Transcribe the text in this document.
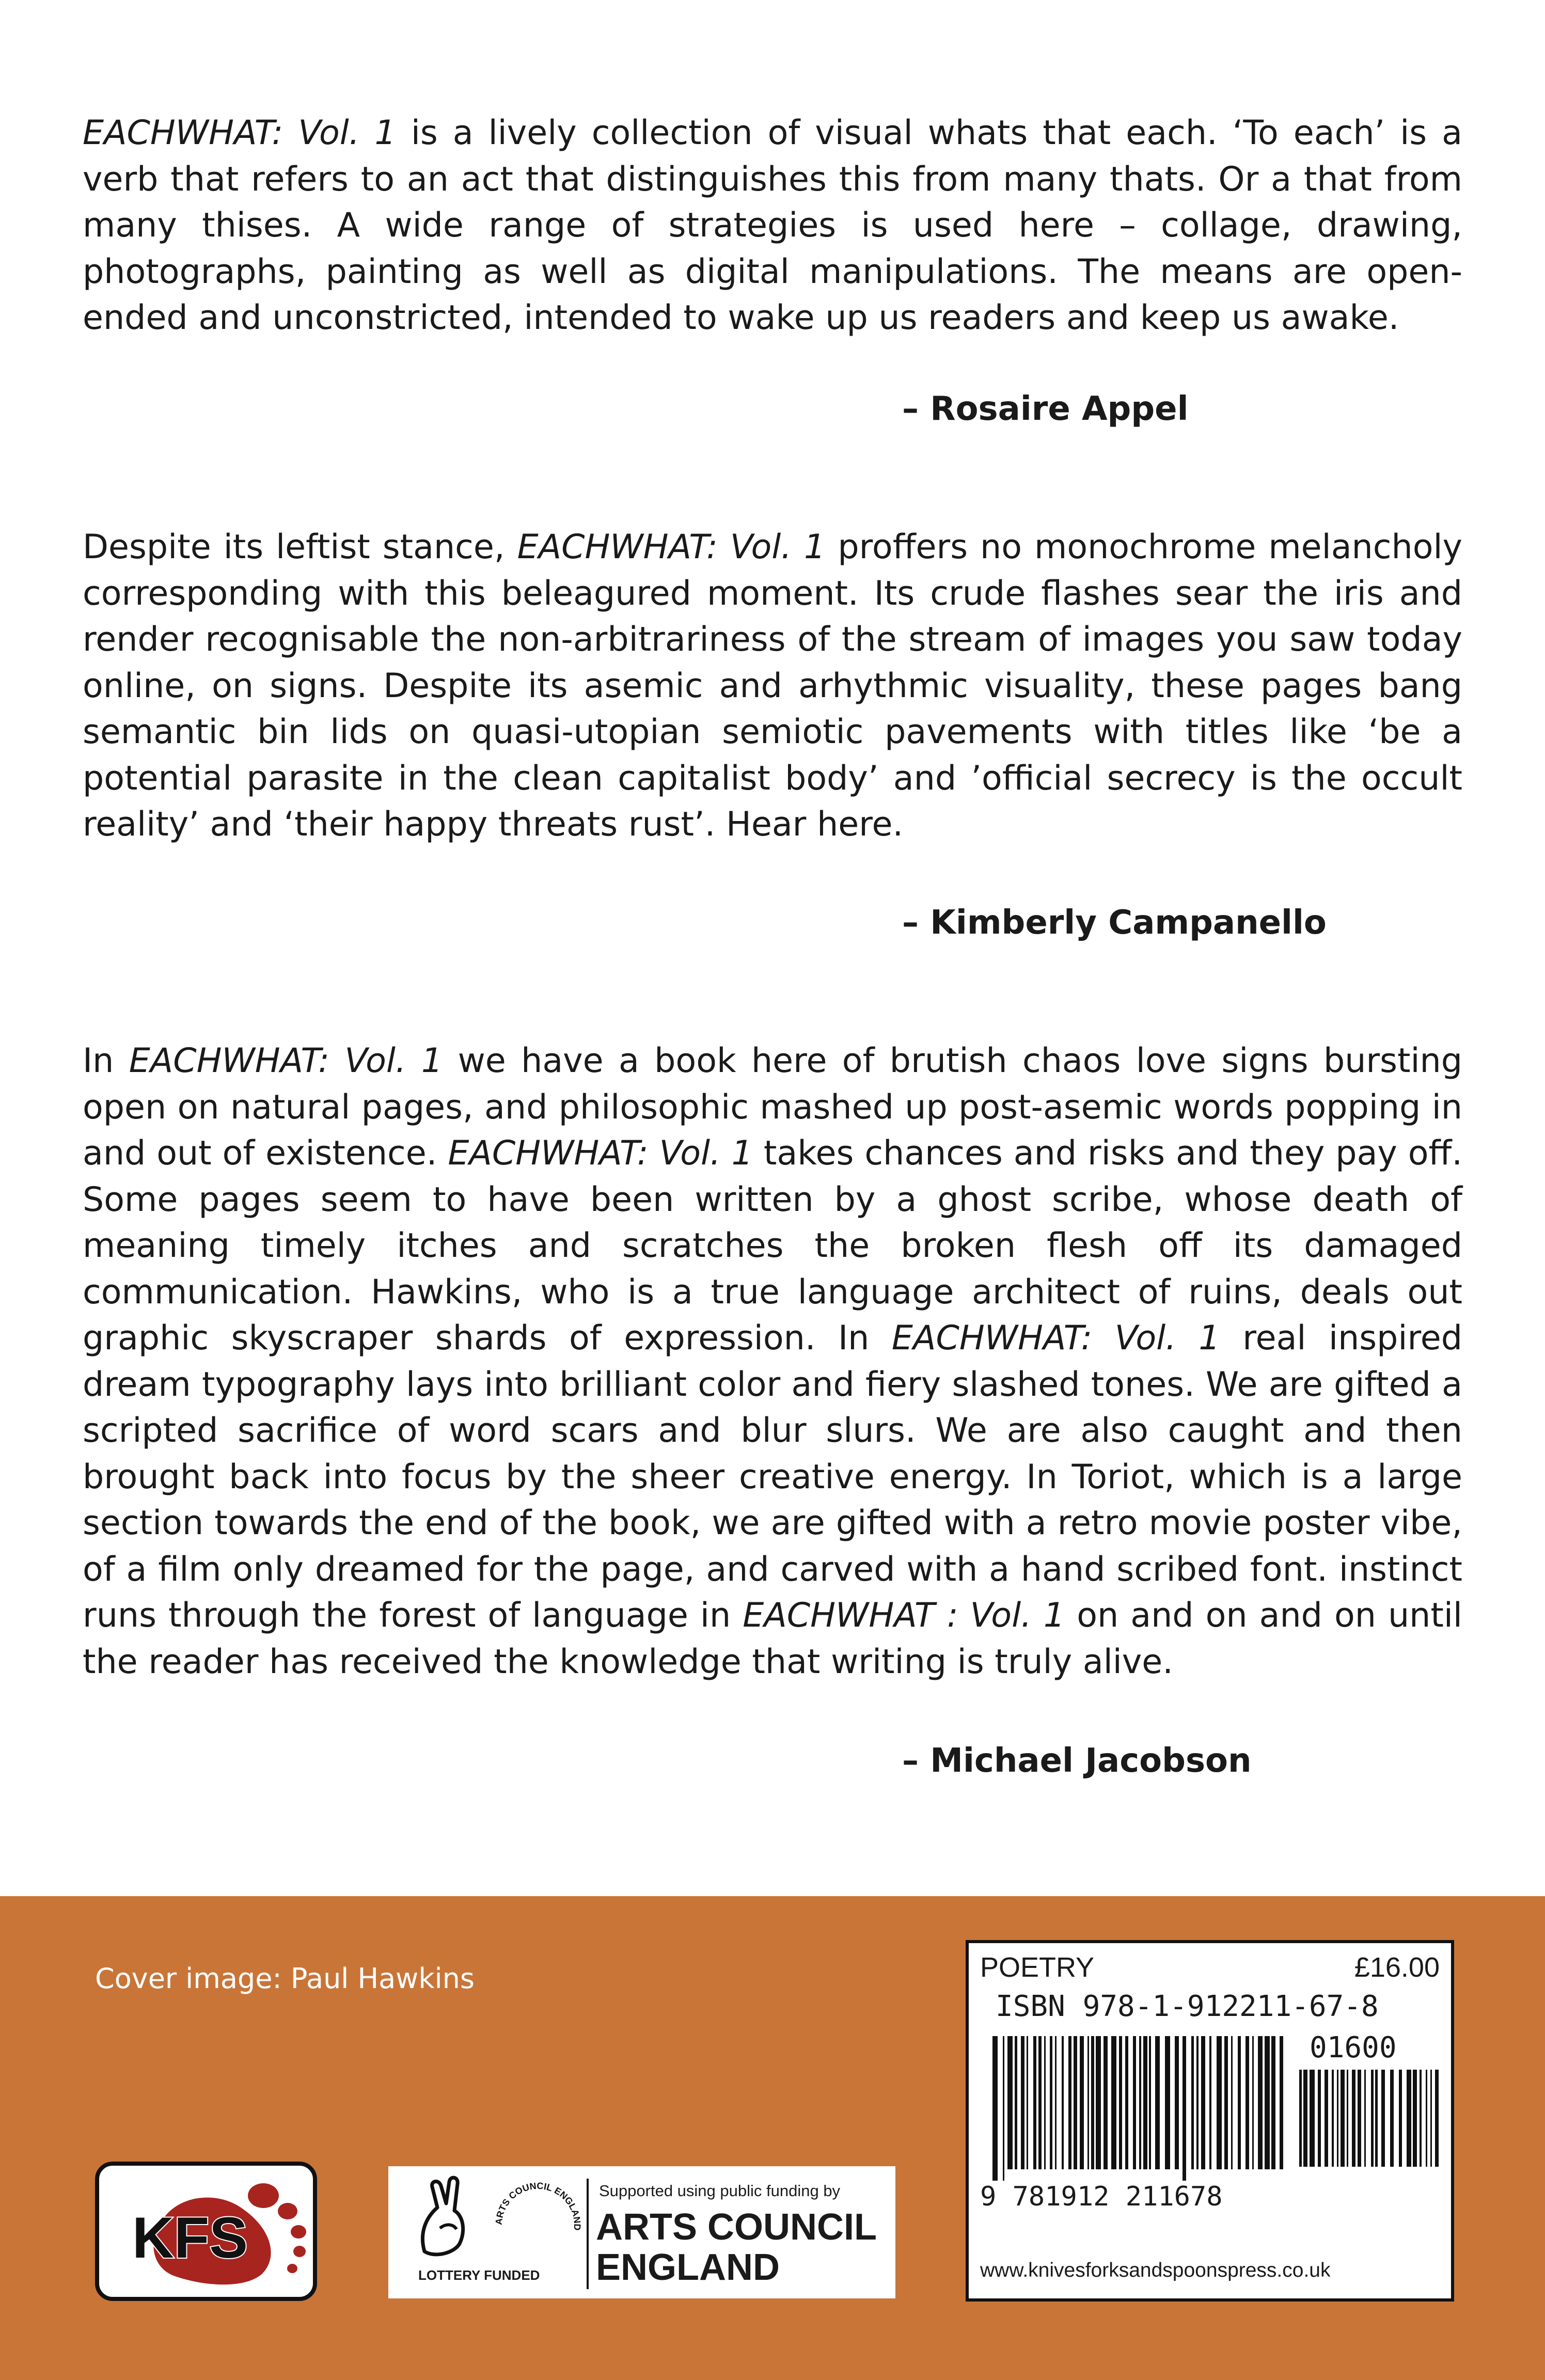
EACHWHAT: Vol. 1 is a lively collection of visual whats that each. ‘To each’ is a verb that refers to an act that distinguishes this from many thats. Or a that from many thises. A wide range of strategies is used here – collage, drawing, photographs, painting as well as digital manipulations. The means are open-ended and unconstricted, intended to wake up us readers and keep us awake.

– Rosaire Appel

Despite its leftist stance, EACHWHAT: Vol. 1 proffers no monochrome melancholy corresponding with this beleagured moment. Its crude flashes sear the iris and render recognisable the non-arbitrariness of the stream of images you saw today online, on signs. Despite its asemic and arhythmic visuality, these pages bang semantic bin lids on quasi-utopian semiotic pavements with titles like ‘be a potential parasite in the clean capitalist body’ and ’official secrecy is the occult reality’ and ‘their happy threats rust’. Hear here.

– Kimberly Campanello

In EACHWHAT: Vol. 1 we have a book here of brutish chaos love signs bursting open on natural pages, and philosophic mashed up post-asemic words popping in and out of existence. EACHWHAT: Vol. 1 takes chances and risks and they pay off. Some pages seem to have been written by a ghost scribe, whose death of meaning timely itches and scratches the broken flesh off its damaged communication. Hawkins, who is a true language architect of ruins, deals out graphic skyscraper shards of expression. In EACHWHAT: Vol. 1 real inspired dream typography lays into brilliant color and fiery slashed tones. We are gifted a scripted sacrifice of word scars and blur slurs. We are also caught and then brought back into focus by the sheer creative energy. In Toriot, which is a large section towards the end of the book, we are gifted with a retro movie poster vibe, of a film only dreamed for the page, and carved with a hand scribed font. instinct runs through the forest of language in EACHWHAT : Vol. 1 on and on and on until the reader has received the knowledge that writing is truly alive.

– Michael Jacobson
Cover image: Paul Hawkins
KFS	ARTS COUNCIL ENGLAND
LOTTERY FUNDED
Supported using public funding by
ARTS COUNCIL
ENGLAND
POETRY	£16.00
ISBN 978-1-912211-67-8
01600
9 781912 211678
www.knivesforksandspoonspress.co.uk
